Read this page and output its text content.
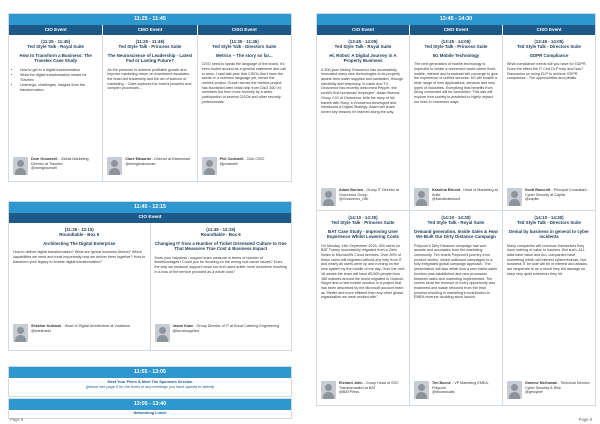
11:25 - 11:45
CIO Event	CMO Event	CISO Event
(11:25 - 11:45)
Ted Style Talk - Royal Suite
How to Transform a Business: The Travelex Case Study
• How to get to a digital transformation
• What the digital transformation meant for Travelex
• Learnings, challenges, insights from the transformation
Dom Grounsell - Global Marketing Director at Travelex
@domgrounsell
(11:25 - 11:45)
Ted Style Talk - Princess Suite
The Neuroscience of Leadership - Latest Fad or Lasting Future?
As the pressure to achieve profitable growth and improve marketing return on investment escalates, the brain-led leadership and the art of science of marketing... Clare explores the brain's powerful and complex processes...
Clare Edwards - Director at Brainsmart
@beingbrainsmart
(11:25 - 11:45)
Ted Style Talk - Directors Suite
Metrics – The story so far...
CISO need to speak the language of the board. It's been touted around as a general statement and call to arms. I said last year that CISOs don't have the words or a common language yet, hence the metrics project. Grown across the metrics project has flourished after initial help from CIsO 360 V4 members but then more recently by a wider participation of several CISOs and other security professionals.
Phil Cockwell - Club CISO
@pmsintell
11:45 - 12:15
CIO Event
(11:35 - 12:15)
Roundtable - Box 5
Architecting The Digital Enterprise
How to deliver digital transformation? What are typical business drivers? Which capabilities we need and most importantly how we deliver them together? How to transform your legacy to enable digital transformation?
Shekhar Kulkarni - Head of Digital Architecture at Vodafone
@shekharld
(11:45 - 12:15)
Roundtable - Box 6
Changing IT from a Number of Ticket Orientated Culture to One That Measures True Cost & Business Impact
Does your helpdesk / support team measure in terms of number of tickets/outages? Could you be focusing on the wrong root cause issues? Does the way we measure support mean our end users suffer more downtime resulting in a loss of the service provided as a whole cost?
Jason Kane - Group Director of IT at Bunzl Catering Engineering
@bunzlsupplied
11:55 - 13:05
Meet Your Peers & Meet The Sponsors Session
(please see page 5 for the times of any meetings you have agreed to attend)
13:05 - 13:40
Networking Lunch
Page 6
13:45 - 14:30
CIO Event	CMO Event	CISO Event
(13:45 - 14:05)
Ted Style Talk - Royal Suite
Hi, Robot: A Digital Journey in A Property Business
A 300-year history Grosvenor has successfully innovated many new technologies to its property assets from water supplies and sanitation, through electricity and telephony, to cable and TV. Grosvenor has recently welcomed Pepper, the world's first humanoid 'employee'. Adam Burrow, Group CIO of Grosvenor, tells the story of his travels with Rosy, a Grosvenor-developed and introduced a Digital Strategy. Adam will share seven key lessons he learned along the way.
Adam Burrow - Group IT Director at Grosvenor Group
@Grosvenor_GBI
(13:45 - 14:05)
Ted Style Talk - Princess Suite
5G Mobile Technology
The next generation of mobile technology is expected to create a connected world where fixed, mobile, internet and broadcast will converge to give the experience of unified services. 5G will enable a wide range of new applications, services and new types of industries. Everything that benefits from being connected will be connected. This talk will explore how society is predicted to highly impact our lives in numerous ways.
Karolina Eklund - Head of Marketing at Anite
@Karolinaeklund
(13:45 - 14:05)
Ted Style Talk - Directors Suite
GDPR Compliance
What compliance needs will you have for GDPR. Does the effect the IT Cert DLP help and how? Discussion on using DLP to achieve GDPR compliance - The opportunities and pitfalls.
Scott Bancroft - Principal Consultant - Cyber Security at Capita
@capita
(14:10 - 14:30)
Ted Style Talk - Princess Suite
BAT Case Study - Improving User Experience Whilst Lowering Costs
On Monday 14th September 2015, 450 users on BAT Turkey successfully migrated from a Citrix Notes to Microsoft's Cloud services. Over 80% of these users will migrated without any help from IT and nearly all users were up and running on the new system by the middle of the day. Over the next 18 weeks the team will have 85,000 people from 180 markets around the world migrated to Outlook. Skype and a new mobile solution in a project that has been described by the Microsoft account team as "Better and more efficient than any other global organisation we have worked with".
Richard John - Group Head of SSC Transformation at BAT
@BATPress
(14:10 - 14:30)
Ted Style Talk - Royal Suite
Demand generation, Inside Sales & How We Built Our Dirty Distance Campaign
Polycom's Dirty Distance campaign has won awards and accolades from the marketing community. Tim charts Polycom's journey from product centric, siloed outbound campaigns to a fully integrated global campaign approach. The presentation will also detail how a new inside sales function was established and new processes between sales and marketing implemented. Tim covers what the revenue of every opportunity was examined and waste removed from the lead process resulting in marketing's contribution to EMEA revenue doubling since launch.
Tim Boone - VP Marketing EMEA, Polycom
@tboonecalls
(14:10 - 14:30)
Ted Style Talk - Directors Suite
Denial by business in general to cyber incidents
Many companies will convince themselves they have nothing of value to hackers. But such, ALL data have value and ALL companies have something which will interest cybercriminals. Not business IT be sole will be of interest and attacks are desperate to as a result they did damage so keep very quiet whenever they hit.
Graeme McGowan - Technical Director, Cyber Security & Risk
@gmcyber
Page 8
